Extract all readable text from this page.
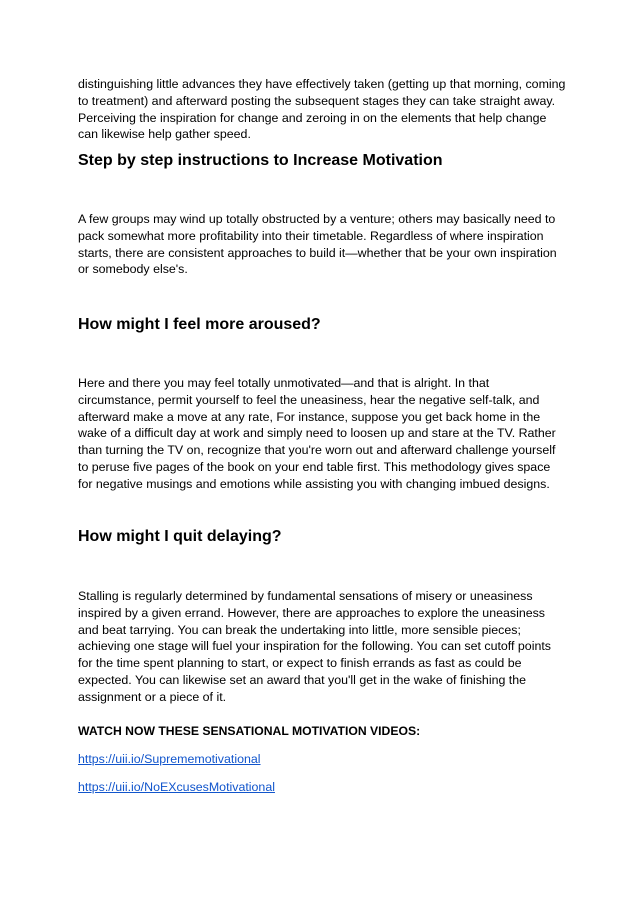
distinguishing little advances they have effectively taken (getting up that morning, coming to treatment) and afterward posting the subsequent stages they can take straight away. Perceiving the inspiration for change and zeroing in on the elements that help change can likewise help gather speed.

Step by step instructions to Increase Motivation

A few groups may wind up totally obstructed by a venture; others may basically need to pack somewhat more profitability into their timetable. Regardless of where inspiration starts, there are consistent approaches to build it—whether that be your own inspiration or somebody else's.

How might I feel more aroused?

Here and there you may feel totally unmotivated—and that is alright. In that circumstance, permit yourself to feel the uneasiness, hear the negative self-talk, and afterward make a move at any rate, For instance, suppose you get back home in the wake of a difficult day at work and simply need to loosen up and stare at the TV. Rather than turning the TV on, recognize that you're worn out and afterward challenge yourself to peruse five pages of the book on your end table first. This methodology gives space for negative musings and emotions while assisting you with changing imbued designs.

How might I quit delaying?

Stalling is regularly determined by fundamental sensations of misery or uneasiness inspired by a given errand. However, there are approaches to explore the uneasiness and beat tarrying. You can break the undertaking into little, more sensible pieces; achieving one stage will fuel your inspiration for the following. You can set cutoff points for the time spent planning to start, or expect to finish errands as fast as could be expected. You can likewise set an award that you'll get in the wake of finishing the assignment or a piece of it.

WATCH NOW THESE SENSATIONAL MOTIVATION VIDEOS:

https://uii.io/Suprememotivational
https://uii.io/NoEXcusesMotivational
